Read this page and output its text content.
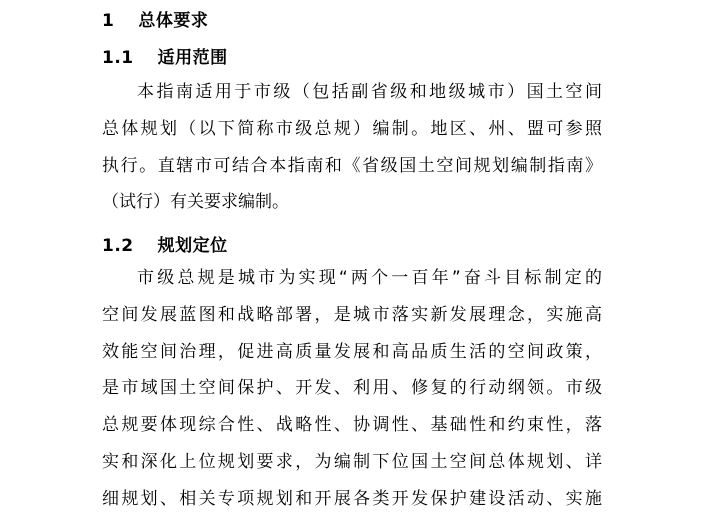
1 总体要求
1.1 适用范围
本指南适用于市级（包括副省级和地级城市）国土空间
总体规划（以下简称市级总规）编制。地区、州、盟可参照
执行。直辖市可结合本指南和《省级国土空间规划编制指南》
（试行）有关要求编制。
1.2 规划定位
市级总规是城市为实现“两个一百年”奋斗目标制定的
空间发展蓝图和战略部署，是城市落实新发展理念，实施高
效能空间治理，促进高质量发展和高品质生活的空间政策，
是市域国土空间保护、开发、利用、修复的行动纲领。市级
总规要体现综合性、战略性、协调性、基础性和约束性，落
实和深化上位规划要求，为编制下位国土空间总体规划、详
细规划、相关专项规划和开展各类开发保护建设活动、实施
